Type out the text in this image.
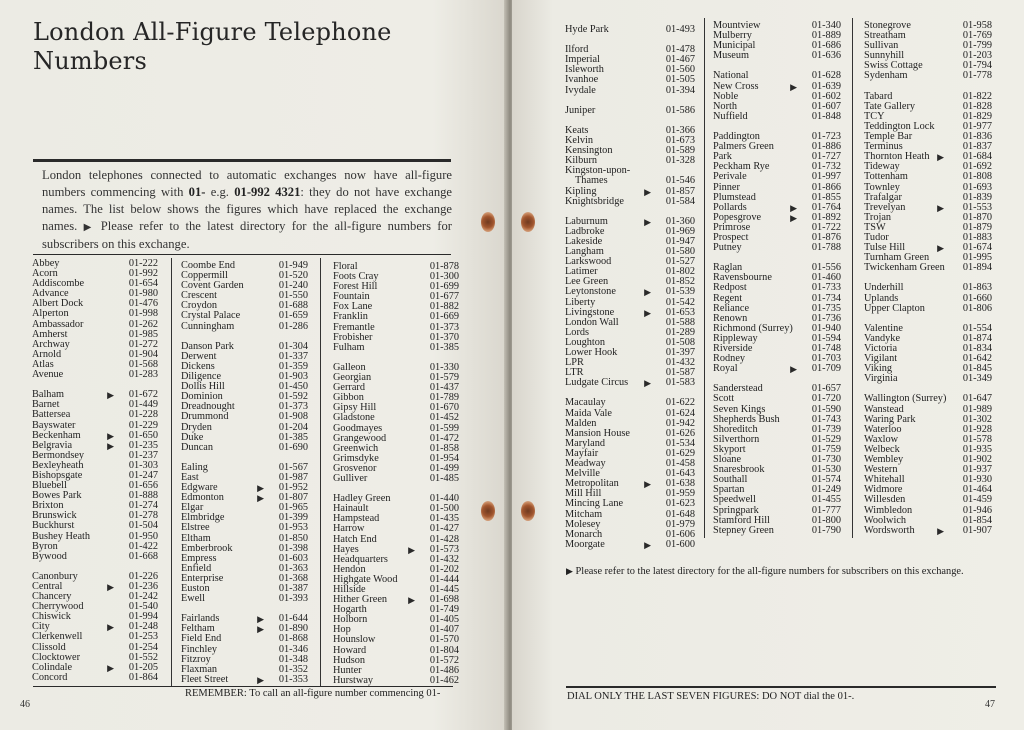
London All-Figure Telephone Numbers
London telephones connected to automatic exchanges now have all-figure numbers commencing with 01- e.g. 01-992 4321: they do not have exchange names. The list below shows the figures which have replaced the exchange names. ▶ Please refer to the latest directory for the all-figure numbers for subscribers on this exchange.
Abbey	01-222
Acorn	01-992
Addiscombe	01-654
Advance	01-980
Albert Dock	01-476
Alperton	01-998
Ambassador	01-262
Amherst	01-985
Archway	01-272
Arnold	01-904
Atlas	01-568
Avenue	01-283
Balham	▶ 01-672
Barnet	01-449
Battersea	01-228
Bayswater	01-229
Beckenham	▶ 01-650
Belgravia	▶ 01-235
Bermondsey	01-237
Bexleyheath	01-303
Bishopsgate	01-247
Bluebell	01-656
Bowes Park	01-888
Brixton	01-274
Brunswick	01-278
Buckhurst	01-504
Bushey Heath	01-950
Byron	01-422
Bywood	01-668
Canonbury	01-226
Central	▶ 01-236
Chancery	01-242
Cherrywood	01-540
Chiswick	01-994
City	▶ 01-248
Clerkenwell	01-253
Clissold	01-254
Clocktower	01-552
Colindale	▶ 01-205
Concord	01-864
Coombe End	01-949
Coppermill	01-520
Covent Garden	01-240
Crescent	01-550
Croydon	01-688
Crystal Palace	01-659
Cunningham	01-286
Danson Park	01-304
Derwent	01-337
Dickens	01-359
Diligence	01-903
Dollis Hill	01-450
Dominion	01-592
Dreadnought	01-373
Drummond	01-908
Dryden	01-204
Duke	01-385
Duncan	01-690
Ealing	01-567
East	01-987
Edgware	▶ 01-952
Edmonton	▶ 01-807
Elgar	01-965
Elmbridge	01-399
Elstree	01-953
Eltham	01-850
Emberbrook	01-398
Empress	01-603
Enfield	01-363
Enterprise	01-368
Euston	01-387
Ewell	01-393
Fairlands	▶ 01-644
Feltham	▶ 01-890
Field End	01-868
Finchley	01-346
Fitzroy	01-348
Flaxman	01-352
Fleet Street	▶ 01-353
Floral	01-878
Foots Cray	01-300
Forest Hill	01-699
Fountain	01-677
Fox Lane	01-882
Franklin	01-669
Fremantle	01-373
Frobisher	01-370
Fulham	01-385
Galleon	01-330
Georgian	01-579
Gerrard	01-437
Gibbon	01-789
Gipsy Hill	01-670
Gladstone	01-452
Goodmayes	01-599
Grangewood	01-472
Greenwich	01-858
Grimsdyke	01-954
Grosvenor	01-499
Gulliver	01-485
Hadley Green	01-440
Hainault	01-500
Hampstead	01-435
Harrow	01-427
Hatch End	01-428
Hayes	▶ 01-573
Headquarters	01-432
Hendon	01-202
Highgate Wood	01-444
Hillside	01-445
Hither Green ▶ 01-698
Hogarth	01-749
Holborn	01-405
Hop	01-407
Hounslow	01-570
Howard	01-804
Hudson	01-572
Hunter	01-486
Hurstway	01-462
46
REMEMBER: To call an all-figure number commencing 01-
Hyde Park	01-493
Ilford	01-478
Imperial	01-467
Isleworth	01-560
Ivanhoe	01-505
Ivydale	01-394
Juniper	01-586
Keats	01-366
Kelvin	01-673
Kensington	01-589
Kilburn	01-328
Kingston-upon-
Thames	01-546
Kipling	▶ 01-857
Knightsbridge	01-584
Laburnum	▶ 01-360
Ladbroke	01-969
Lakeside	01-947
Langham	01-580
Larkswood	01-527
Latimer	01-802
Lee Green	01-852
Leytonstone	▶ 01-539
Liberty	01-542
Livingstone	▶ 01-653
London Wall	01-588
Lords	01-289
Loughton	01-508
Lower Hook	01-397
LPR	01-432
LTR	01-587
Ludgate Circus ▶ 01-583
Macaulay	01-622
Maida Vale	01-624
Malden	01-942
Mansion House	01-626
Maryland	01-534
Mayfair	01-629
Meadway	01-458
Melville	01-643
Metropolitan	▶ 01-638
Mill Hill	01-959
Mincing Lane	01-623
Mitcham	01-648
Molesey	01-979
Monarch	01-606
Moorgate	▶ 01-600
Mountview	01-340
Mulberry	01-889
Municipal	01-686
Museum	01-636
National	01-628
New Cross	▶ 01-639
Noble	01-602
North	01-607
Nuffield	01-848
Paddington	01-723
Palmers Green	01-886
Park	01-727
Peckham Rye	01-732
Perivale	01-997
Pinner	01-866
Plumstead	01-855
Pollards	▶ 01-764
Popesgrove	▶ 01-892
Primrose	01-722
Prospect	01-876
Putney	01-788
Raglan	01-556
Ravensbourne	01-460
Redpost	01-733
Regent	01-734
Reliance	01-735
Renown	01-736
Richmond (Surrey) 01-940
Rippleway	01-594
Riverside	01-748
Rodney	01-703
Royal	▶ 01-709
Sanderstead	01-657
Scott	01-720
Seven Kings	01-590
Shepherds Bush	01-743
Shoreditch	01-739
Silverthorn	01-529
Skyport	01-759
Sloane	01-730
Snaresbrook	01-530
Southall	01-574
Spartan	01-249
Speedwell	01-455
Springpark	01-777
Stamford Hill	01-800
Stepney Green	01-790
Stonegrove	01-958
Streatham	01-769
Sullivan	01-799
Sunnyhill	01-203
Swiss Cottage	01-794
Sydenham	01-778
Tabard	01-822
Tate Gallery	01-828
TCY	01-829
Teddington Lock	01-977
Temple Bar	01-836
Terminus	01-837
Thornton Heath ▶ 01-684
Tideway	01-692
Tottenham	01-808
Townley	01-693
Trafalgar	01-839
Trevelyan	▶ 01-553
Trojan	01-870
TSW	01-879
Tudor	01-883
Tulse Hill	▶ 01-674
Turnham Green	01-995
Twickenham Green 01-894
Underhill	01-863
Uplands	01-660
Upper Clapton	01-806
Valentine	01-554
Vandyke	01-874
Victoria	01-834
Vigilant	01-642
Viking	01-845
Virginia	01-349
Wallington (Surrey) 01-647
Wanstead	01-989
Waring Park	01-302
Waterloo	01-928
Waxlow	01-578
Welbeck	01-935
Wembley	01-902
Western	01-937
Whitehall	01-930
Widmore	01-464
Willesden	01-459
Wimbledon	01-946
Woolwich	01-854
Wordsworth ▶ 01-907
▶ Please refer to the latest directory for the all-figure numbers for subscribers on this exchange.
DIAL ONLY THE LAST SEVEN FIGURES: DO NOT dial the 01-.
47
